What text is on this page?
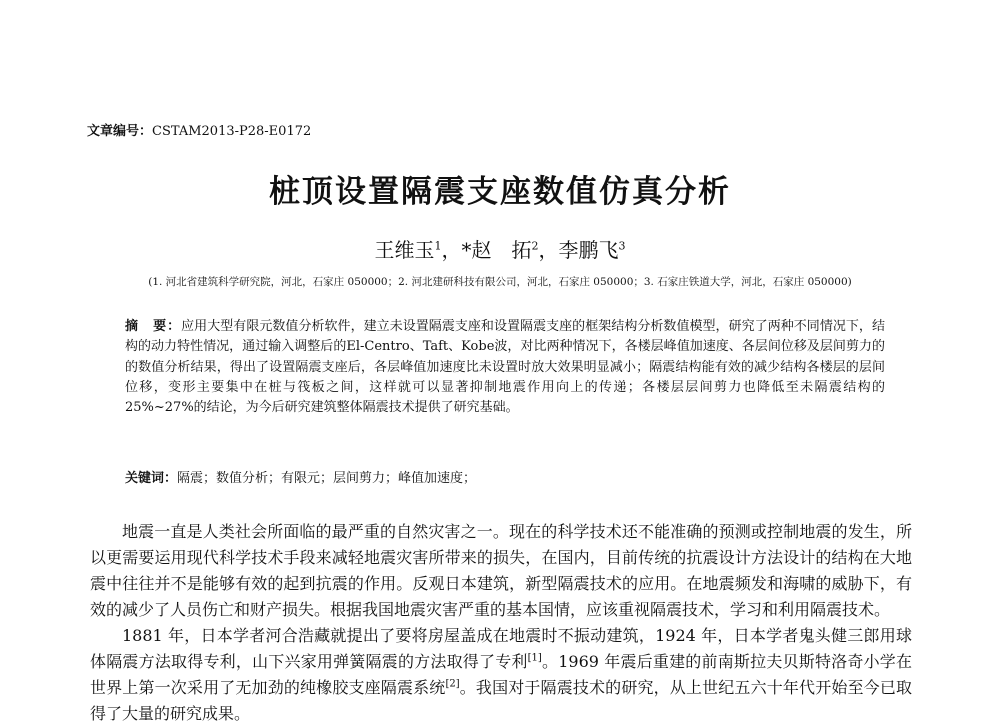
文章编号：CSTAM2013-P28-E0172
桩顶设置隔震支座数值仿真分析
王维玉$^1$，*赵　拓$^2$，李鹏飞$^3$
(1. 河北省建筑科学研究院，河北，石家庄 050000；2. 河北建研科技有限公司，河北，石家庄 050000；3. 石家庄铁道大学，河北，石家庄 050000)
摘　要：应用大型有限元数值分析软件，建立未设置隔震支座和设置隔震支座的框架结构分析数值模型，研究了两种不同情况下，结构的动力特性情况，通过输入调整后的El-Centro、Taft、Kobe波，对比两种情况下，各楼层峰值加速度、各层间位移及层间剪力的的数值分析结果，得出了设置隔震支座后，各层峰值加速度比未设置时放大效果明显减小；隔震结构能有效的减少结构各楼层的层间位移，变形主要集中在桩与筏板之间，这样就可以显著抑制地震作用向上的传递；各楼层层间剪力也降低至未隔震结构的 25%~27%的结论，为今后研究建筑整体隔震技术提供了研究基础。
关键词：隔震；数值分析；有限元；层间剪力；峰值加速度；

地震一直是人类社会所面临的最严重的自然灾害之一。现在的科学技术还不能准确的预测或控制地震的发生，所以更需要运用现代科学技术手段来减轻地震灾害所带来的损失，在国内，目前传统的抗震设计方法设计的结构在大地震中往往并不是能够有效的起到抗震的作用。反观日本建筑，新型隔震技术的应用。在地震频发和海啸的威胁下，有效的减少了人员伤亡和财产损失。根据我国地震灾害严重的基本国情，应该重视隔震技术，学习和利用隔震技术。

1881 年，日本学者河合浩藏就提出了要将房屋盖成在地震时不振动建筑，1924 年，日本学者鬼头健三郎用球体隔震方法取得专利，山下兴家用弹簧隔震的方法取得了专利[1]。1969 年震后重建的前南斯拉夫贝斯特洛奇小学在世界上第一次采用了无加劲的纯橡胶支座隔震系统[2]。我国对于隔震技术的研究，从上世纪五六十年代开始至今已取得了大量的研究成果。
